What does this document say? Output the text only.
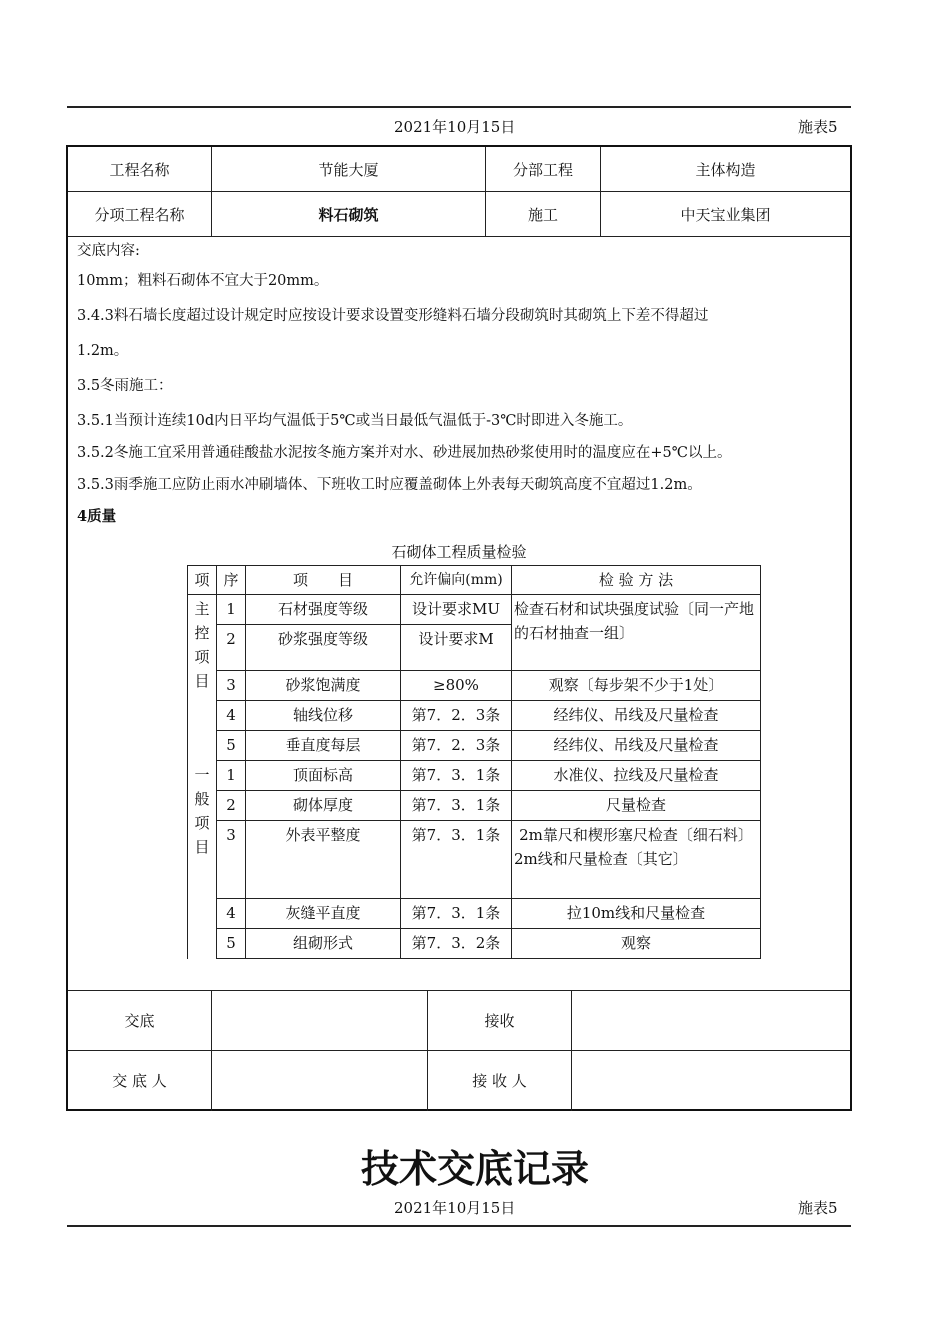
2021年10月15日	施表5
工程名称	节能大厦	分部工程	主体构造
分项工程名称	料石砌筑	施工	中天宝业集团

交底内容:

10mm；粗料石砌体不宜大于20mm。

3.4.3料石墙长度超过设计规定时应按设计要求设置变形缝料石墙分段砌筑时其砌筑上下差不得超过

1.2m。

3.5冬雨施工：

3.5.1当预计连续10d内日平均气温低于5℃或当日最低气温低于-3℃时即进入冬施工。

3.5.2冬施工宜采用普通硅酸盐水泥按冬施方案并对水、砂进展加热砂浆使用时的温度应在+5℃以上。

3.5.3雨季施工应防止雨水冲刷墙体、下班收工时应覆盖砌体上外表每天砌筑高度不宜超过1.2m。

4质量

石砌体工程质量检验
项	序	项　　目	允许偏向(mm)	检 验 方 法
主
控
项
目	1	石材强度等级	设计要求MU	检查石材和试块强度试验〔同一产地的石材抽查一组〕
	2	砂浆强度等级	设计要求M	
	3	砂浆饱满度	≥80%	观察〔每步架不少于1处〕
	4	轴线位移	第7．2．3条	经纬仪、吊线及尺量检查
	5	垂直度每层	第7．2．3条	经纬仪、吊线及尺量检查
一
般
项
目	1	顶面标高	第7．3．1条	水准仪、拉线及尺量检查
	2	砌体厚度	第7．3．1条	尺量检查
	3	外表平整度	第7．3．1条	2m靠尺和楔形塞尺检查〔细石料〕
2m线和尺量检查〔其它〕

	4	灰缝平直度	第7．3．1条	拉10m线和尺量检查
	5	组砌形式	第7．3．2条	观察
交底		接收	
交 底 人		接 收 人	
技术交底记录
2021年10月15日	施表5
